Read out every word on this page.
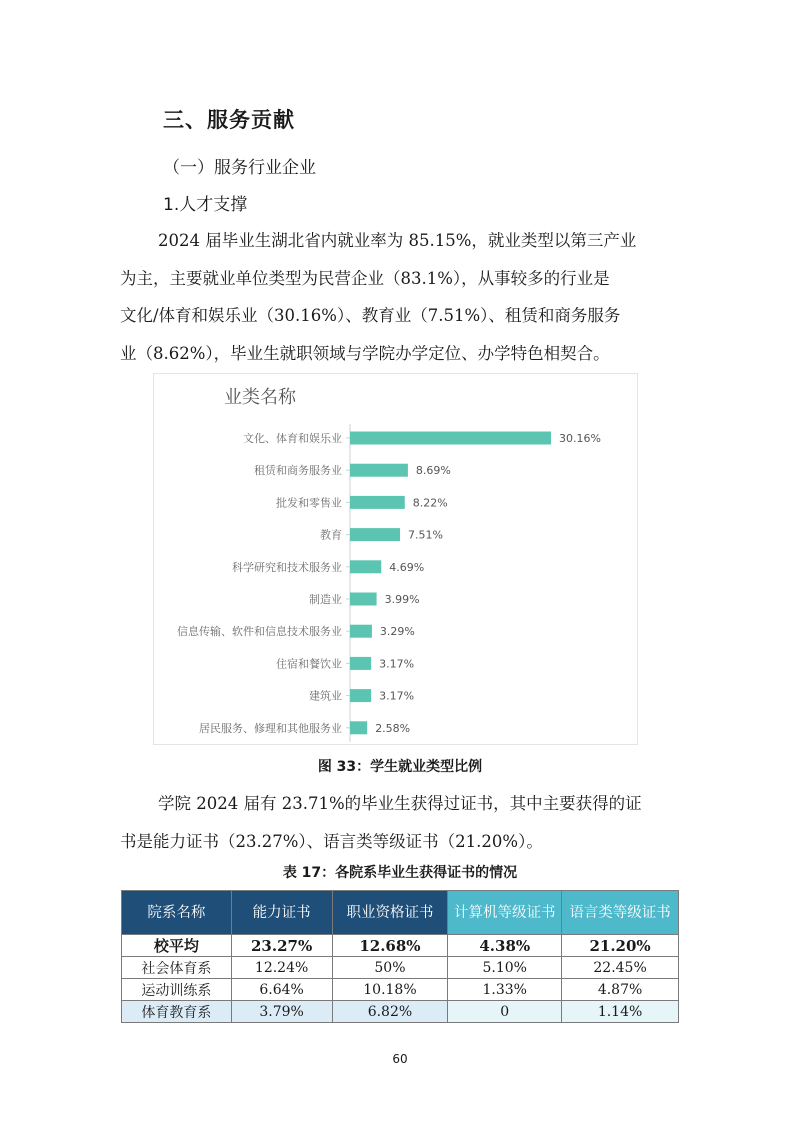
三、服务贡献
（一）服务行业企业
1.人才支撑
2024 届毕业生湖北省内就业率为 85.15%，就业类型以第三产业
为主，主要就业单位类型为民营企业（83.1%），从事较多的行业是
文化/体育和娱乐业（30.16%）、教育业（7.51%）、租赁和商务服务
业（8.62%），毕业生就职领域与学院办学定位、办学特色相契合。
业类名称
文化、体育和娱乐业	30.16%
租赁和商务服务业	8.69%
批发和零售业	8.22%
教育	7.51%
科学研究和技术服务业	4.69%
制造业	3.99%
信息传输、软件和信息技术服务业	3.29%
住宿和餐饮业	3.17%
建筑业	3.17%
居民服务、修理和其他服务业	2.58%
图 33：学生就业类型比例
学院 2024 届有 23.71%的毕业生获得过证书，其中主要获得的证
书是能力证书（23.27%）、语言类等级证书（21.20%）。
表 17：各院系毕业生获得证书的情况
院系名称	能力证书	职业资格证书	计算机等级证书	语言类等级证书
校平均	23.27%	12.68%	4.38%	21.20%
社会体育系	12.24%	50%	5.10%	22.45%
运动训练系	6.64%	10.18%	1.33%	4.87%
体育教育系	3.79%	6.82%	0	1.14%
60
